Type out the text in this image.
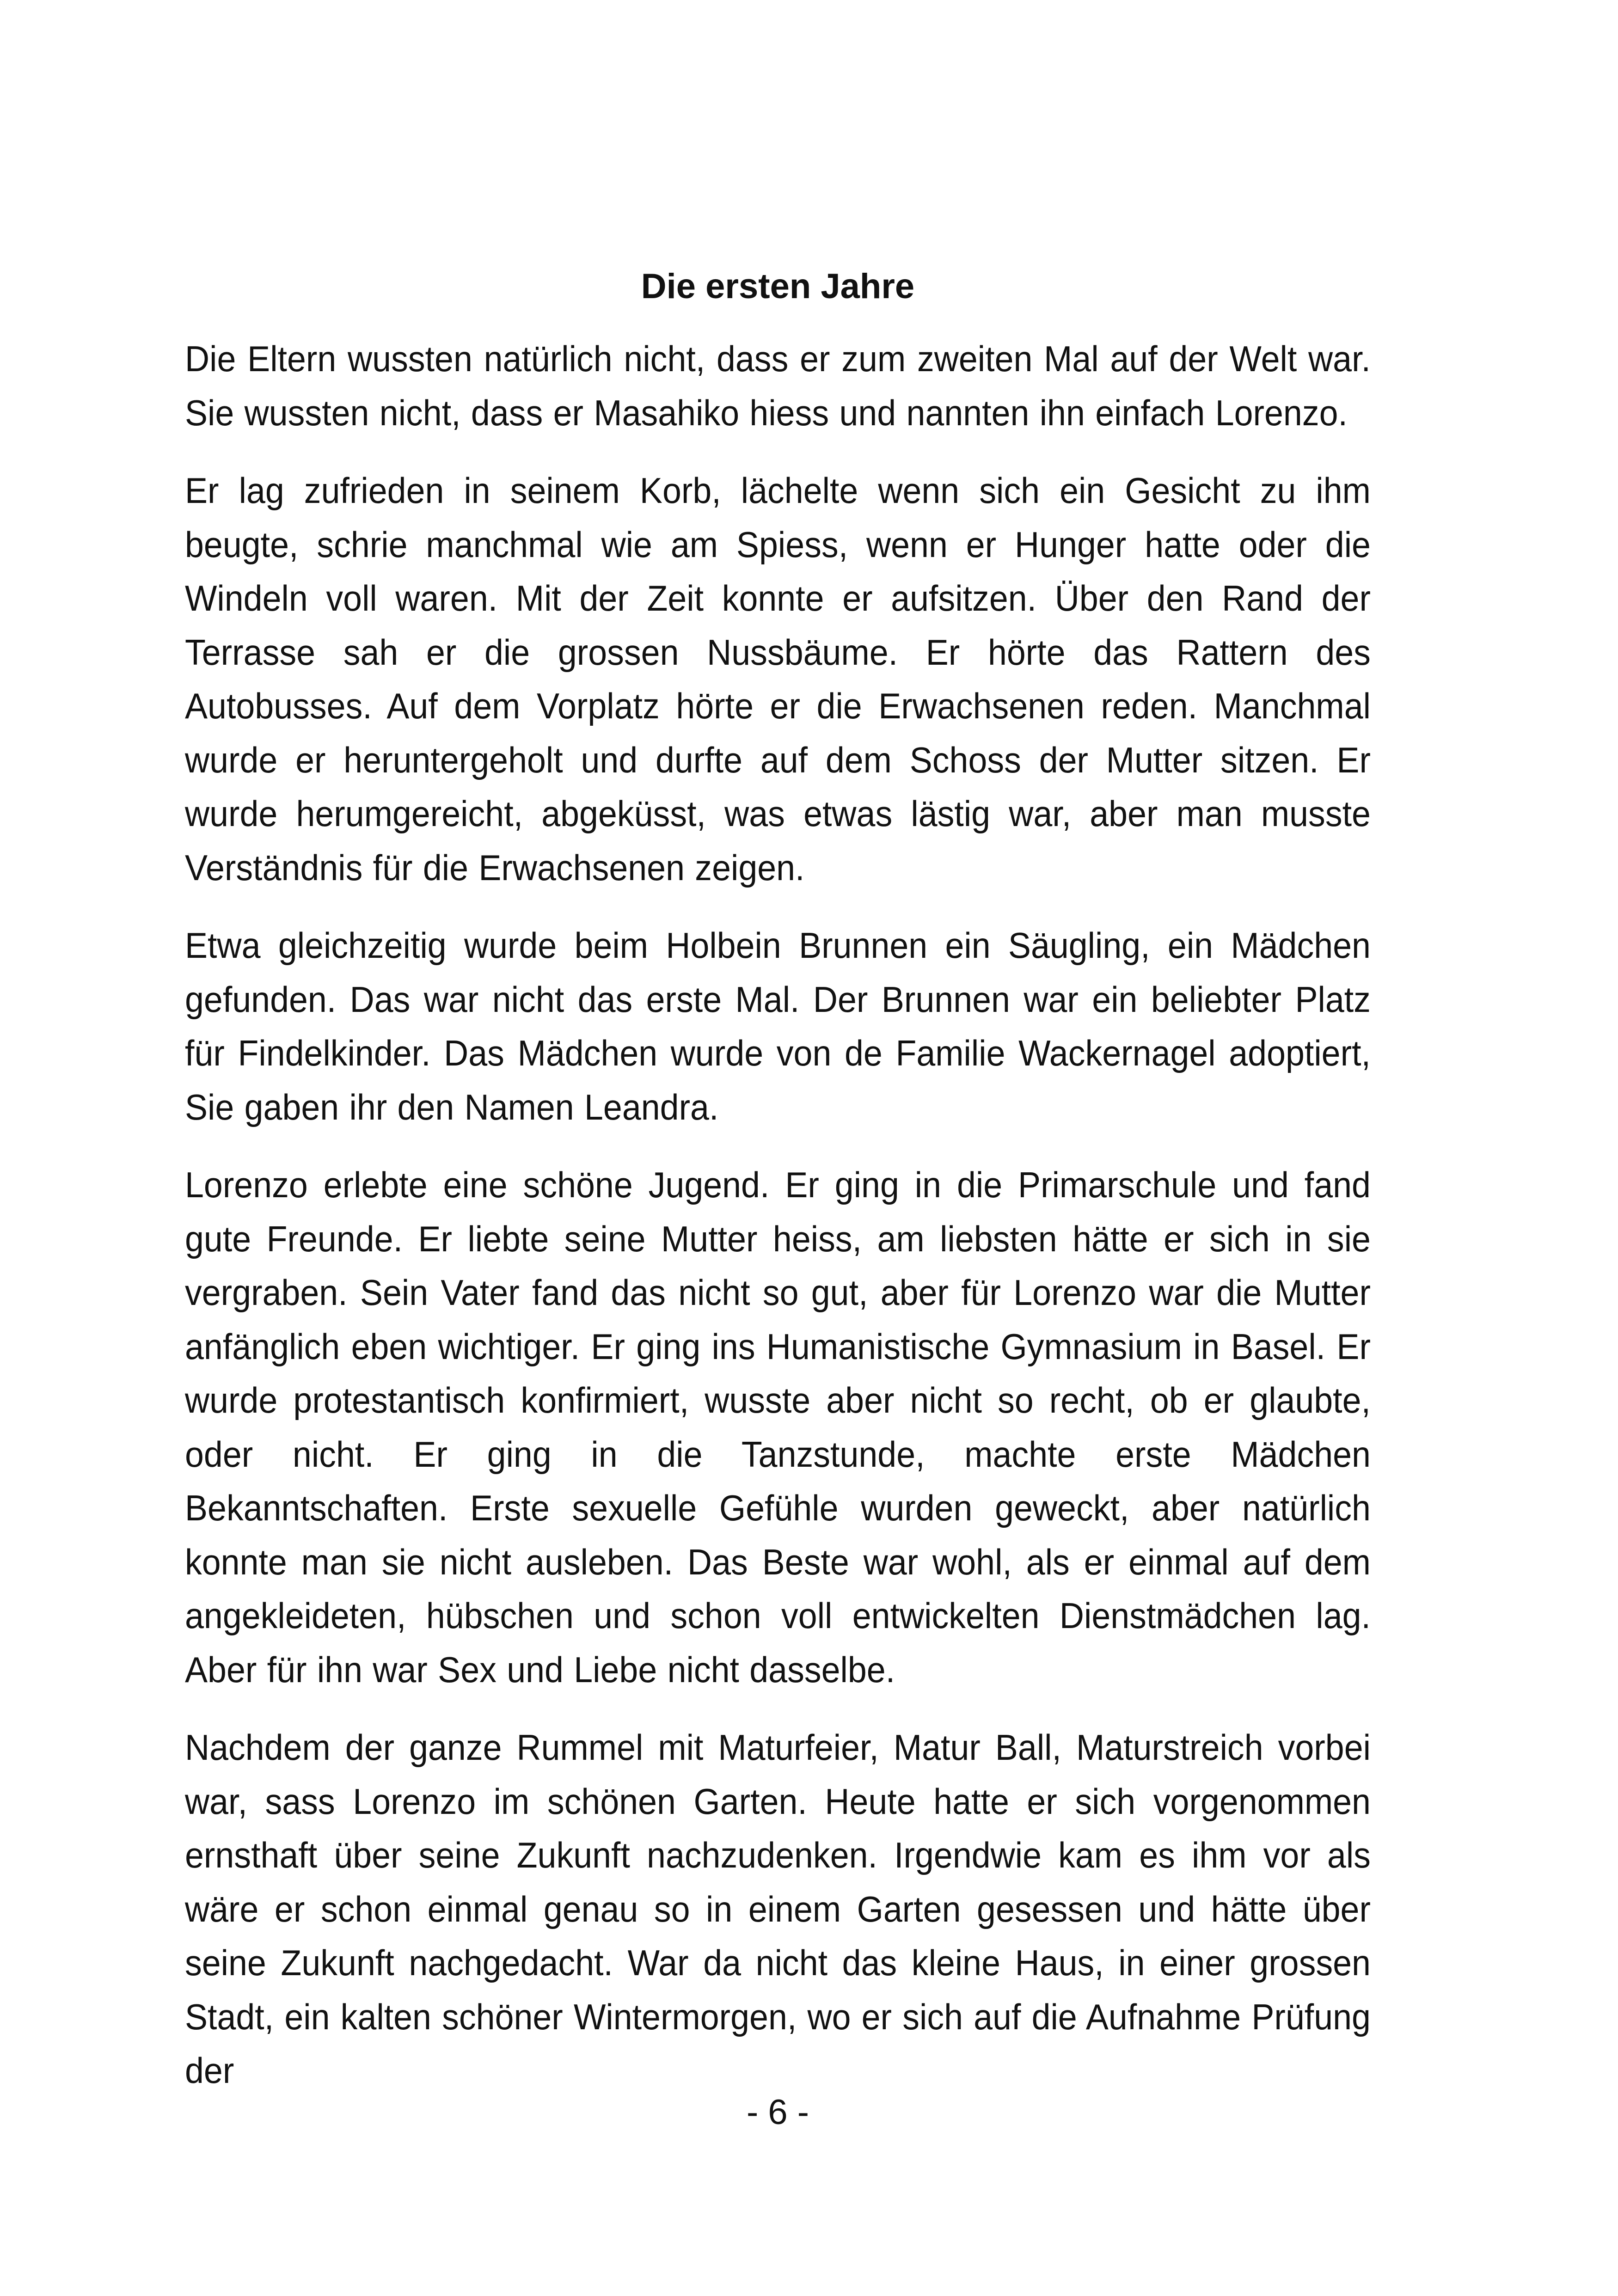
Die ersten Jahre

Die Eltern wussten natürlich nicht, dass er zum zweiten Mal auf der Welt war. Sie wussten nicht, dass er Masahiko hiess und nannten ihn einfach Lorenzo.

Er lag zufrieden in seinem Korb, lächelte wenn sich ein Gesicht zu ihm beugte, schrie manchmal wie am Spiess, wenn er Hunger hatte oder die Windeln voll waren. Mit der Zeit konnte er aufsitzen. Über den Rand der Terrasse sah er die grossen Nussbäume. Er hörte das Rattern des Autobusses. Auf dem Vorplatz hörte er die Erwachsenen reden. Manchmal wurde er heruntergeholt und durfte auf dem Schoss der Mutter sitzen. Er wurde herumgereicht, abgeküsst, was etwas lästig war, aber man musste Verständnis für die Erwachsenen zeigen.

Etwa gleichzeitig wurde beim Holbein Brunnen ein Säugling, ein Mädchen gefunden. Das war nicht das erste Mal. Der Brunnen war ein beliebter Platz für Findelkinder. Das Mädchen wurde von de Familie Wackernagel adoptiert, Sie gaben ihr den Namen Leandra.

Lorenzo erlebte eine schöne Jugend. Er ging in die Primarschule und fand gute Freunde. Er liebte seine Mutter heiss, am liebsten hätte er sich in sie vergraben. Sein Vater fand das nicht so gut, aber für Lorenzo war die Mutter anfänglich eben wichtiger. Er ging ins Humanistische Gymnasium in Basel. Er wurde protestantisch konfirmiert, wusste aber nicht so recht, ob er glaubte, oder nicht. Er ging in die Tanzstunde, machte erste Mädchen Bekanntschaften. Erste sexuelle Gefühle wurden geweckt, aber natürlich konnte man sie nicht ausleben. Das Beste war wohl, als er einmal auf dem angekleideten, hübschen und schon voll entwickelten Dienstmädchen lag. Aber für ihn war Sex und Liebe nicht dasselbe.

Nachdem der ganze Rummel mit Maturfeier, Matur Ball, Maturstreich vorbei war, sass Lorenzo im schönen Garten. Heute hatte er sich vorgenommen ernsthaft über seine Zukunft nachzudenken. Irgendwie kam es ihm vor als wäre er schon einmal genau so in einem Garten gesessen und hätte über seine Zukunft nachgedacht. War da nicht das kleine Haus, in einer grossen Stadt, ein kalten schöner Wintermorgen, wo er sich auf die Aufnahme Prüfung der

- 6 -
